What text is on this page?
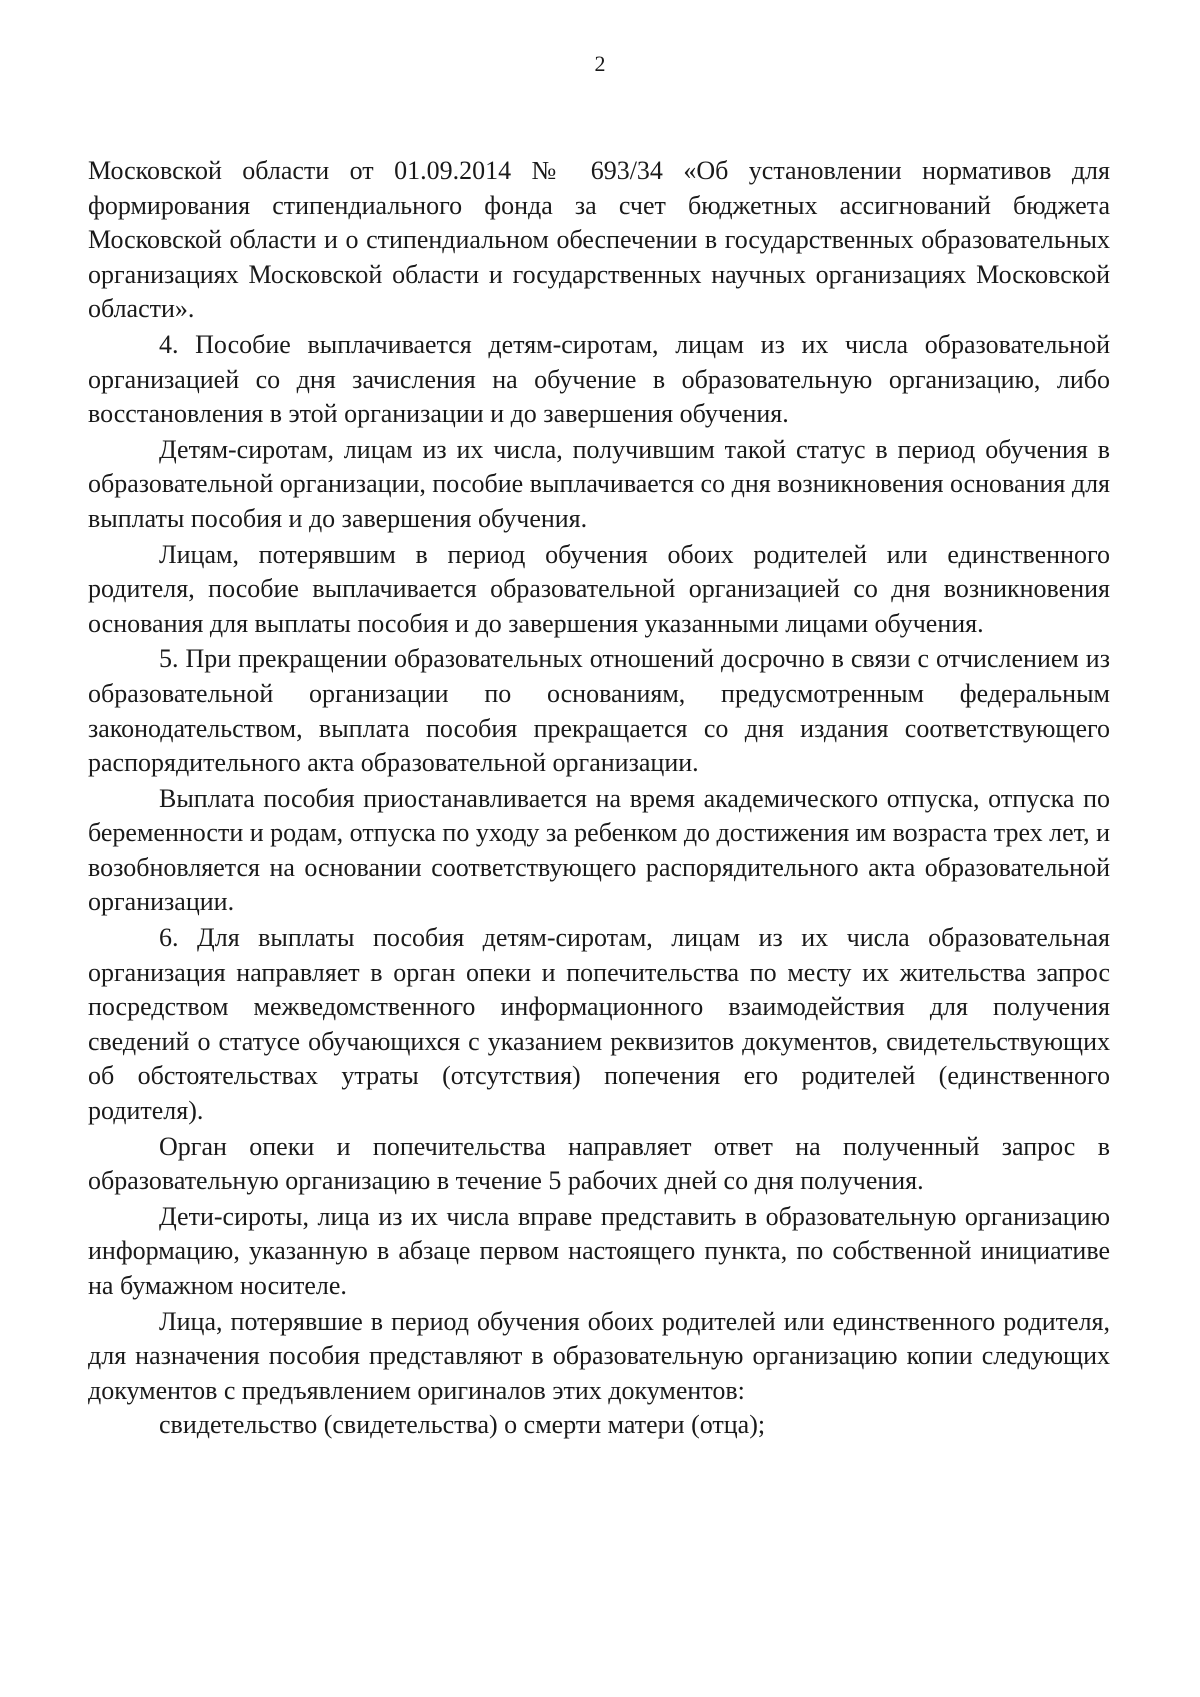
2

Московской области от 01.09.2014 № 693/34 «Об установлении нормативов для формирования стипендиального фонда за счет бюджетных ассигнований бюджета Московской области и о стипендиальном обеспечении в государственных образовательных организациях Московской области и государственных научных организациях Московской области».

4. Пособие выплачивается детям-сиротам, лицам из их числа образовательной организацией со дня зачисления на обучение в образовательную организацию, либо восстановления в этой организации и до завершения обучения.

Детям-сиротам, лицам из их числа, получившим такой статус в период обучения в образовательной организации, пособие выплачивается со дня возникновения основания для выплаты пособия и до завершения обучения.

Лицам, потерявшим в период обучения обоих родителей или единственного родителя, пособие выплачивается образовательной организацией со дня возникновения основания для выплаты пособия и до завершения указанными лицами обучения.

5. При прекращении образовательных отношений досрочно в связи с отчислением из образовательной организации по основаниям, предусмотренным федеральным законодательством, выплата пособия прекращается со дня издания соответствующего распорядительного акта образовательной организации.

Выплата пособия приостанавливается на время академического отпуска, отпуска по беременности и родам, отпуска по уходу за ребенком до достижения им возраста трех лет, и возобновляется на основании соответствующего распорядительного акта образовательной организации.

6. Для выплаты пособия детям-сиротам, лицам из их числа образовательная организация направляет в орган опеки и попечительства по месту их жительства запрос посредством межведомственного информационного взаимодействия для получения сведений о статусе обучающихся с указанием реквизитов документов, свидетельствующих об обстоятельствах утраты (отсутствия) попечения его родителей (единственного родителя).

Орган опеки и попечительства направляет ответ на полученный запрос в образовательную организацию в течение 5 рабочих дней со дня получения.

Дети-сироты, лица из их числа вправе представить в образовательную организацию информацию, указанную в абзаце первом настоящего пункта, по собственной инициативе на бумажном носителе.

Лица, потерявшие в период обучения обоих родителей или единственного родителя, для назначения пособия представляют в образовательную организацию копии следующих документов с предъявлением оригиналов этих документов:

свидетельство (свидетельства) о смерти матери (отца);
